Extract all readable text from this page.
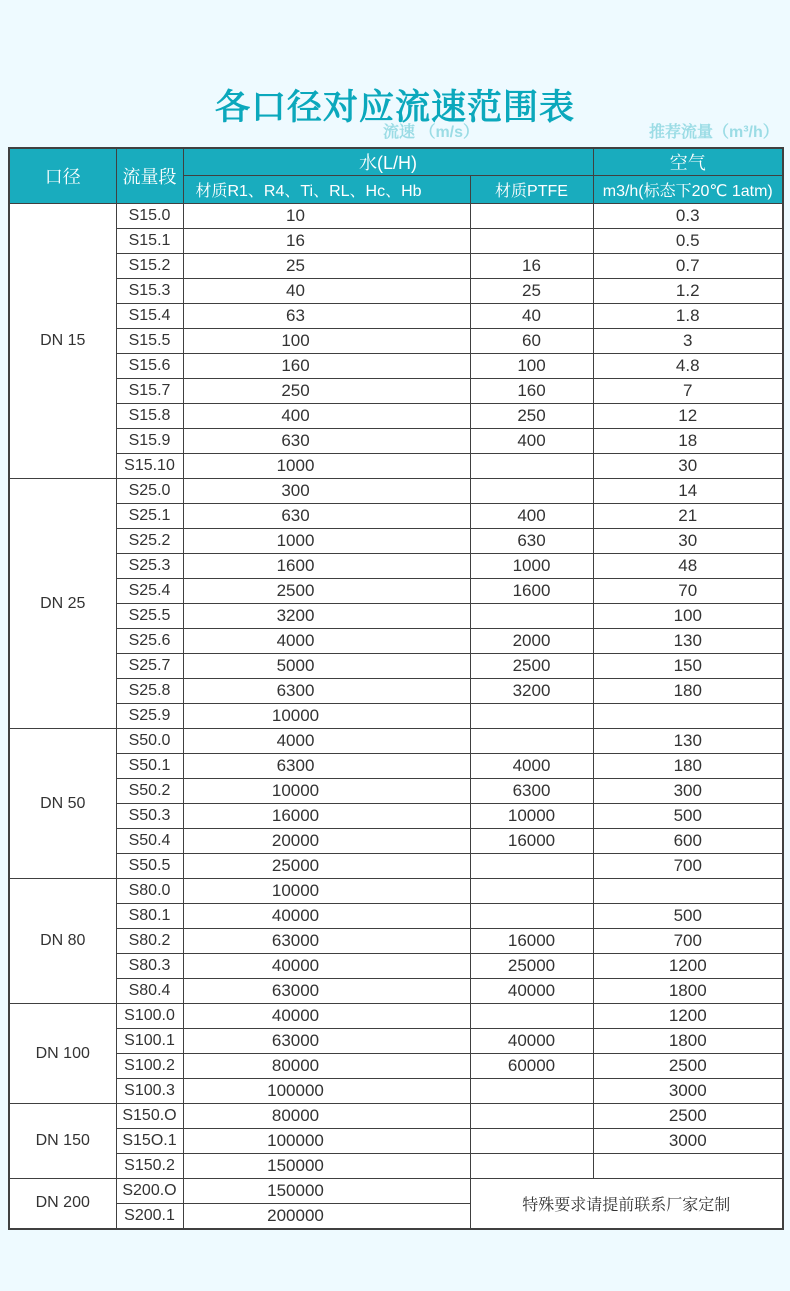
各口径对应流速范围表
流速 （m/s）	推荐流量（m³/h）
口径	流量段	水(L/H)		空气
		材质R1、R4、Ti、RL、Hc、Hb	材质PTFE	m3/h(标态下20℃ 1atm)
DN 15	S15.0	10		0.3
	S15.1	16		0.5
	S15.2	25	16	0.7
	S15.3	40	25	1.2
	S15.4	63	40	1.8
	S15.5	100	60	3
	S15.6	160	100	4.8
	S15.7	250	160	7
	S15.8	400	250	12
	S15.9	630	400	18
	S15.10	1000		30
DN 25	S25.0	300		14
	S25.1	630	400	21
	S25.2	1000	630	30
	S25.3	1600	1000	48
	S25.4	2500	1600	70
	S25.5	3200		100
	S25.6	4000	2000	130
	S25.7	5000	2500	150
	S25.8	6300	3200	180
	S25.9	10000		
DN 50	S50.0	4000		130
	S50.1	6300	4000	180
	S50.2	10000	6300	300
	S50.3	16000	10000	500
	S50.4	20000	16000	600
	S50.5	25000		700
DN 80	S80.0	10000		
	S80.1	40000		500
	S80.2	63000	16000	700
	S80.3	40000	25000	1200
	S80.4	63000	40000	1800
DN 100	S100.0	40000		1200
	S100.1	63000	40000	1800
	S100.2	80000	60000	2500
	S100.3	100000		3000
DN 150	S150.O	80000		2500
	S15O.1	100000		3000
	S150.2	150000		
DN 200	S200.O	150000	特殊要求请提前联系厂家定制	
	S200.1	200000		
